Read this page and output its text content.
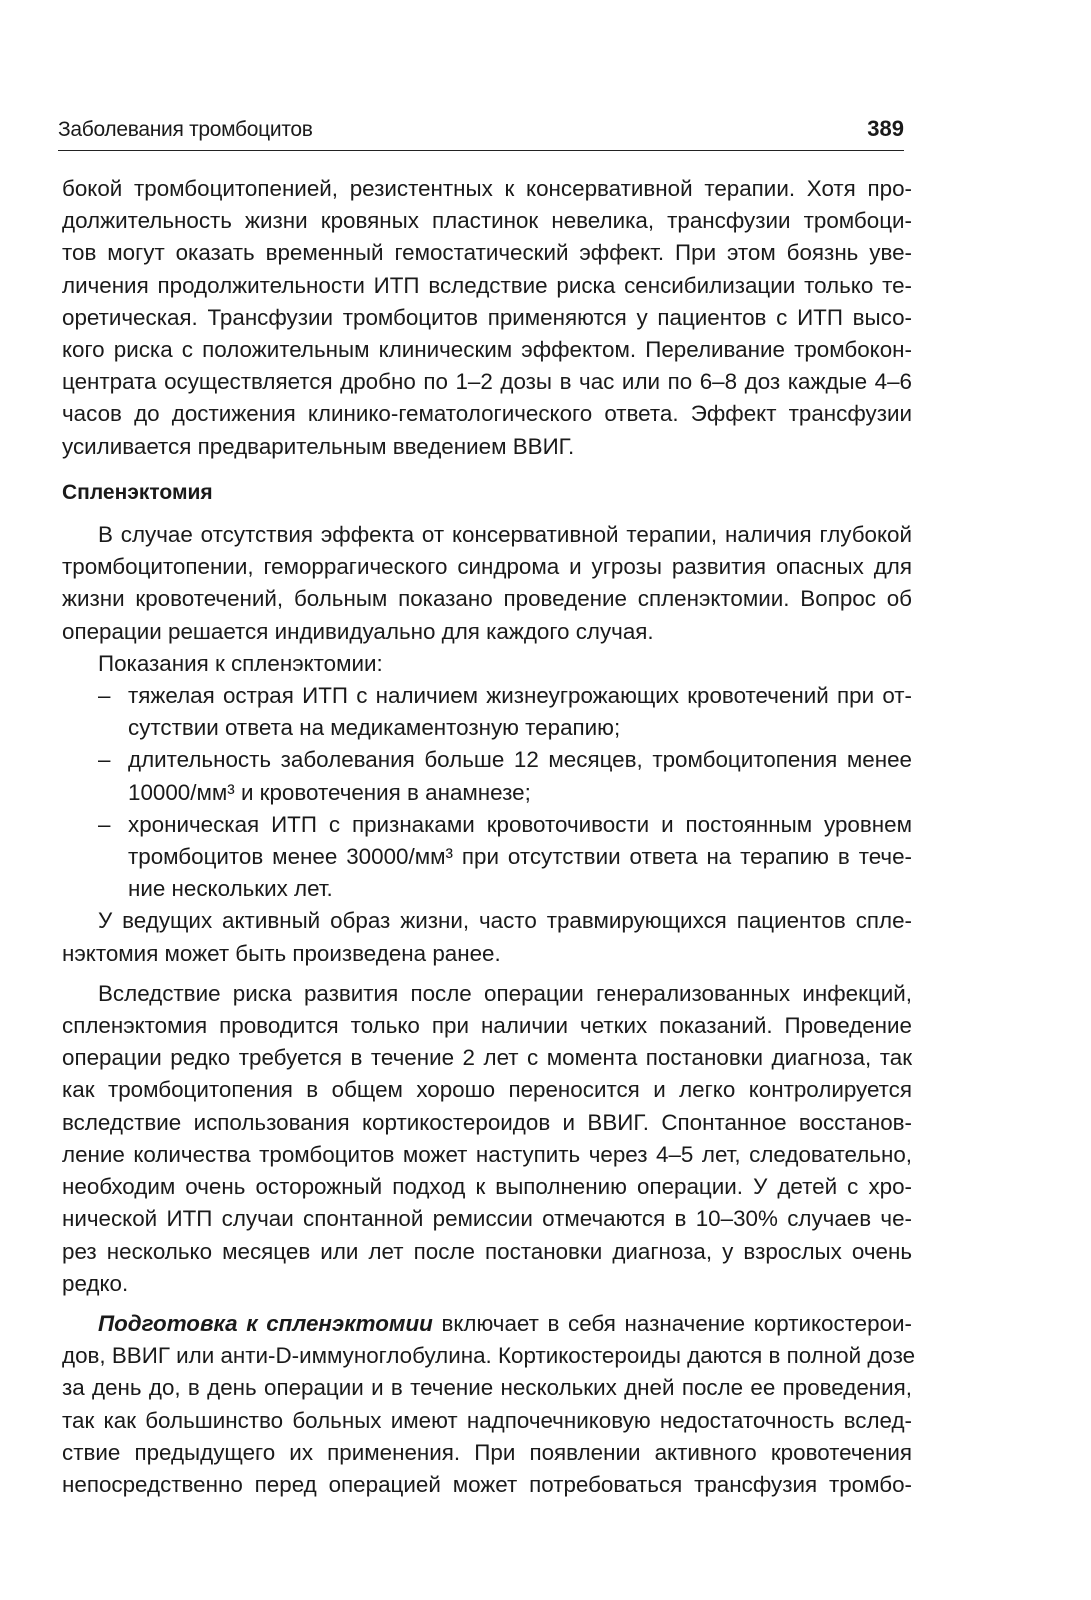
Заболевания тромбоцитов	389

бокой тромбоцитопенией, резистентных к консервативной терапии. Хотя про-
должительность жизни кровяных пластинок невелика, трансфузии тромбоци-
тов могут оказать временный гемостатический эффект. При этом боязнь уве-
личения продолжительности ИТП вследствие риска сенсибилизации только те-
оретическая. Трансфузии тромбоцитов применяются у пациентов с ИТП высо-
кого риска с положительным клиническим эффектом. Переливание тромбокон-
центрата осуществляется дробно по 1–2 дозы в час или по 6–8 доз каждые 4–6
часов до достижения клинико-гематологического ответа. Эффект трансфузии
усиливается предварительным введением ВВИГ.

Спленэктомия

В случае отсутствия эффекта от консервативной терапии, наличия глубокой
тромбоцитопении, геморрагического синдрома и угрозы развития опасных для
жизни кровотечений, больным показано проведение спленэктомии. Вопрос об
операции решается индивидуально для каждого случая.

Показания к спленэктомии:

– тяжелая острая ИТП с наличием жизнеугрожающих кровотечений при от-
сутствии ответа на медикаментозную терапию;
– длительность заболевания больше 12 месяцев, тромбоцитопения менее
10000/мм³ и кровотечения в анамнезе;
– хроническая ИТП с признаками кровоточивости и постоянным уровнем
тромбоцитов менее 30000/мм³ при отсутствии ответа на терапию в тече-
ние нескольких лет.

У ведущих активный образ жизни, часто травмирующихся пациентов спле-
нэктомия может быть произведена ранее.

Вследствие риска развития после операции генерализованных инфекций,
спленэктомия проводится только при наличии четких показаний. Проведение
операции редко требуется в течение 2 лет с момента постановки диагноза, так
как тромбоцитопения в общем хорошо переносится и легко контролируется
вследствие использования кортикостероидов и ВВИГ. Спонтанное восстанов-
ление количества тромбоцитов может наступить через 4–5 лет, следовательно,
необходим очень осторожный подход к выполнению операции. У детей с хро-
нической ИТП случаи спонтанной ремиссии отмечаются в 10–30% случаев че-
рез несколько месяцев или лет после постановки диагноза, у взрослых очень
редко.

Подготовка к спленэктомии включает в себя назначение кортикостерои-
дов, ВВИГ или анти-D-иммуноглобулина. Кортикостероиды даются в полной дозе
за день до, в день операции и в течение нескольких дней после ее проведения,
так как большинство больных имеют надпочечниковую недостаточность вслед-
ствие предыдущего их применения. При появлении активного кровотечения
непосредственно перед операцией может потребоваться трансфузия тромбо-
